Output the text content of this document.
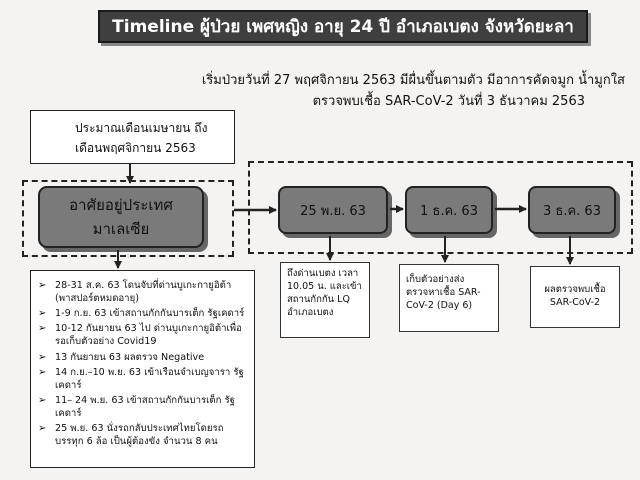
Timeline ผู้ป่วย เพศหญิง อายุ 24 ปี อำเภอเบตง จังหวัดยะลา
เริ่มป่วยวันที่ 27 พฤศจิกายน 2563 มีผื่นขึ้นตามตัว มีอาการคัดจมูก น้ำมูกใส
ตรวจพบเชื้อ SAR-CoV-2 วันที่ 3 ธันวาคม 2563
ประมาณเดือนเมษายน ถึง
เดือนพฤศจิกายน 2563
อาศัยอยู่ประเทศ
มาเลเซีย
25 พ.ย. 63	1 ธ.ค. 63	3 ธ.ค. 63
ถึงด่านเบตง เวลา
10.05 น. และเข้า
สถานกักกัน LQ
อำเภอเบตง
เก็บตัวอย่างส่ง
ตรวจหาเชื้อ SAR-
CoV-2 (Day 6)
ผลตรวจพบเชื้อ
SAR-CoV-2
➢ 28-31 ส.ค. 63 โดนจับที่ด่านบูเกะกายูอิต้า (พาสปอร์ตหมดอายุ)
➢ 1-9 ก.ย. 63 เข้าสถานกักกันบารเต็ก รัฐเคดาร์
➢ 10-12 กันยายน 63 ไป ด่านบูเกะกายูอิต้าเพื่อรอเก็บตัวอย่าง Covid19
➢ 13 กันยายน 63 ผลตรวจ Negative
➢ 14 ก.ย.–10 พ.ย. 63 เข้าเรือนจำเบญจารา รัฐเคดาร์
➢ 11– 24 พ.ย. 63 เข้าสถานกักกันบารเต็ก รัฐเคดาร์
➢ 25 พ.ย. 63 นั่งรถกลับประเทศไทยโดยรถบรรทุก 6 ล้อ เป็นผู้ต้องขัง จำนวน 8 คน
